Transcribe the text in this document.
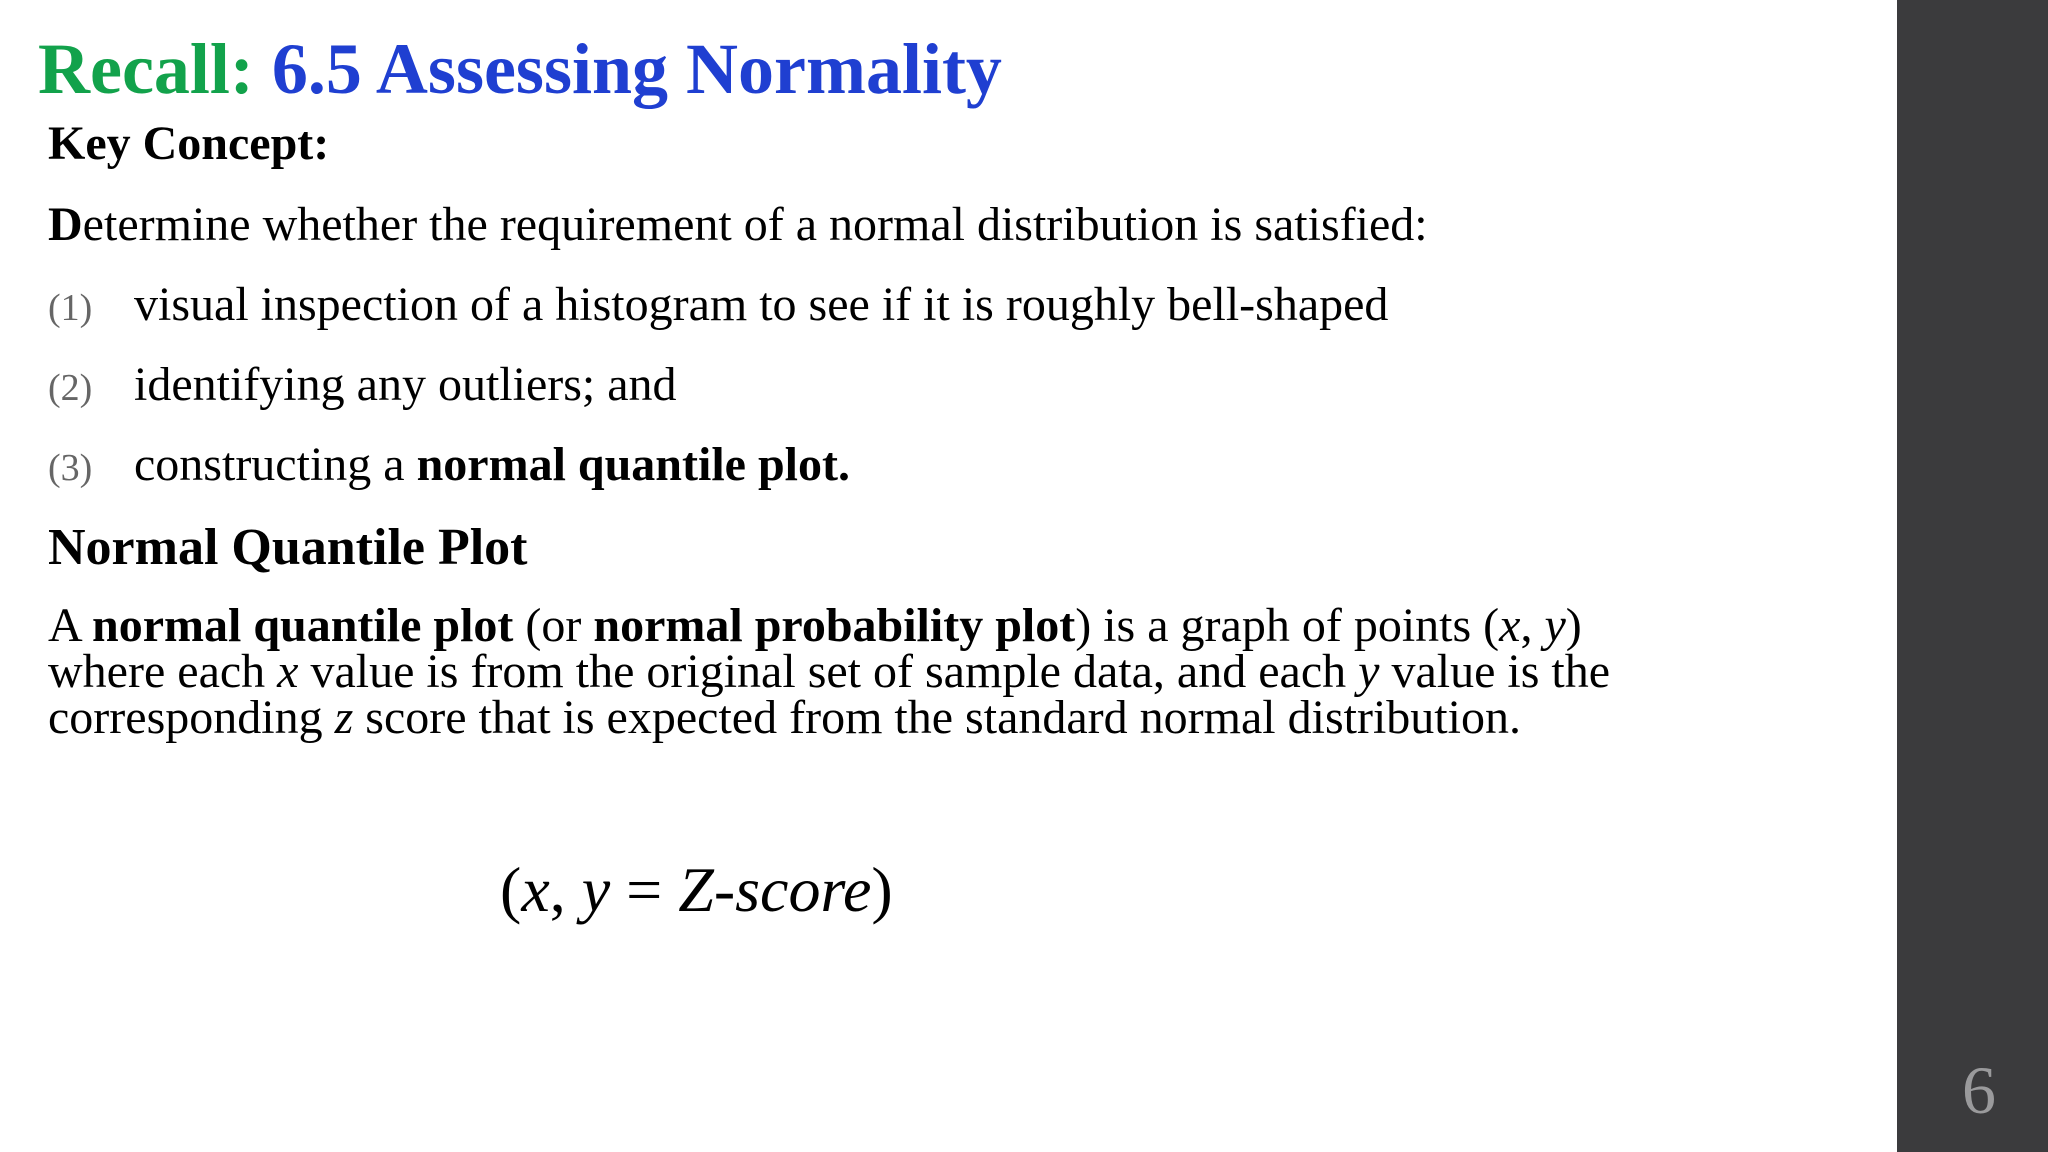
Recall: 6.5 Assessing Normality
Key Concept:
Determine whether the requirement of a normal distribution is satisfied:
(1) visual inspection of a histogram to see if it is roughly bell-shaped
(2) identifying any outliers; and
(3) constructing a normal quantile plot.
Normal Quantile Plot
A normal quantile plot (or normal probability plot) is a graph of points (x, y)
where each x value is from the original set of sample data, and each y value is the
corresponding z score that is expected from the standard normal distribution.
(x, y = Z-score)
6
